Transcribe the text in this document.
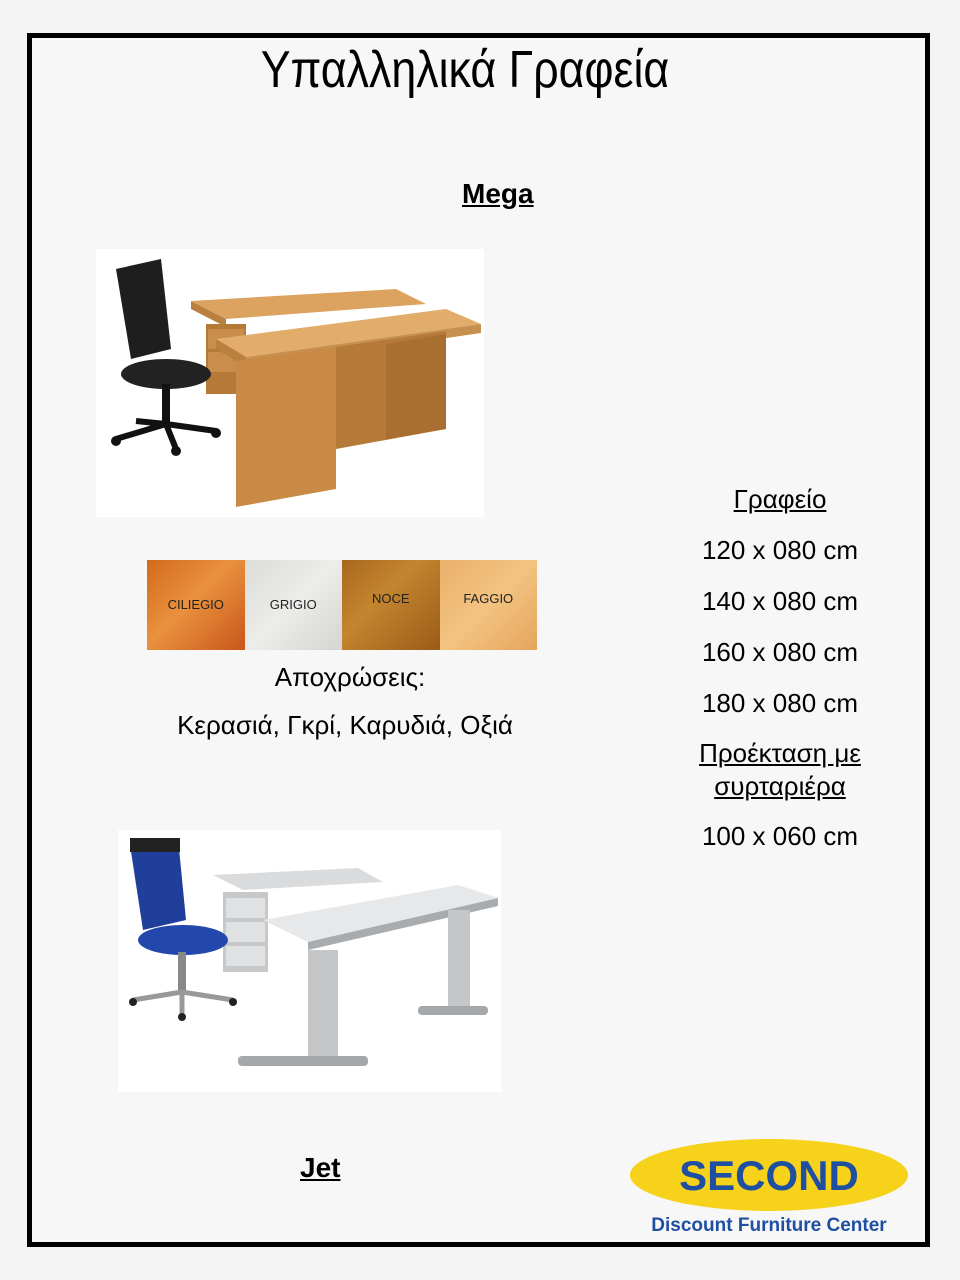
Υπαλληλικά Γραφεία
Mega
CILIEGIO	GRIGIO	NOCE	FAGGIO
Αποχρώσεις:
Κερασιά, Γκρί, Καρυδιά, Οξιά
Γραφείο
120 x 080 cm
140 x 080 cm
160 x 080 cm
180 x 080 cm
Προέκταση με συρταριέρα
100 x 060 cm
Jet	SECOND
Discount Furniture Center
